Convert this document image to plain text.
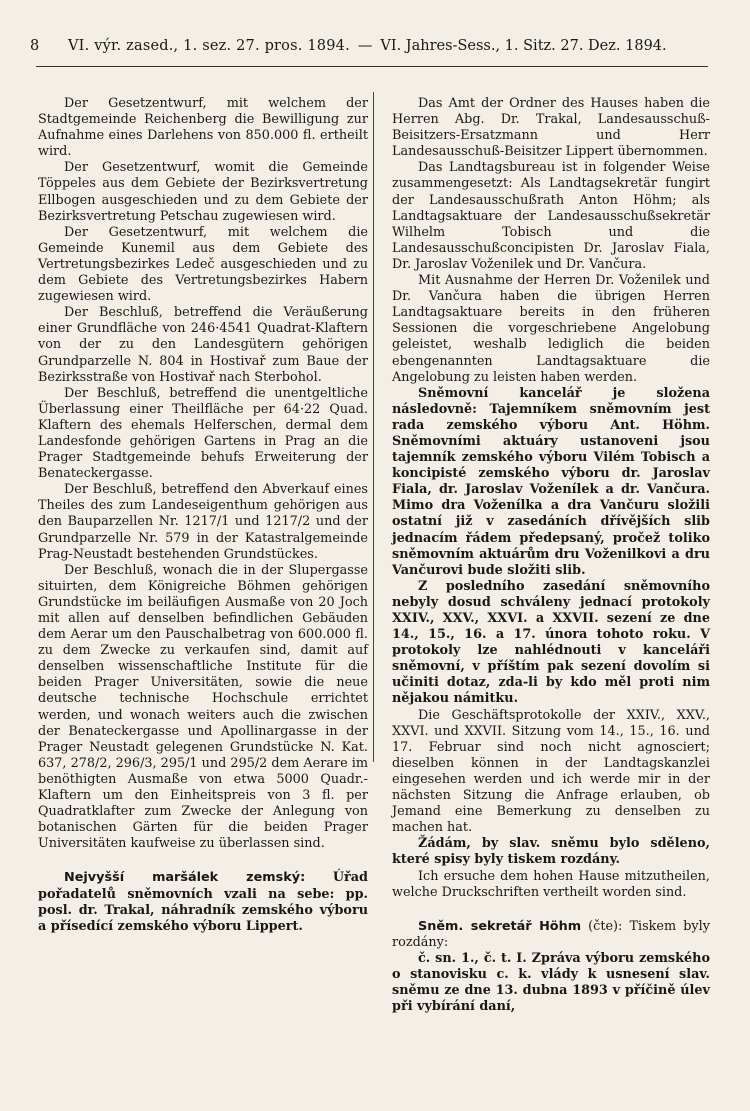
8	VI. výr. zased., 1. sez. 27. pros. 1894. — VI. Jahres-Sess., 1. Sitz. 27. Dez. 1894.

Der Gesetzentwurf, mit welchem der Stadtgemeinde Reichenberg die Bewilligung zur Aufnahme eines Darlehens von 850.000 fl. ertheilt wird.

Der Gesetzentwurf, womit die Gemeinde Töppeles aus dem Gebiete der Bezirksvertretung Ellbogen ausgeschieden und zu dem Gebiete der Bezirksvertretung Petschau zugewiesen wird.

Der Gesetzentwurf, mit welchem die Gemeinde Kunemil aus dem Gebiete des Vertretungsbezirkes Ledeč ausgeschieden und zu dem Gebiete des Vertretungsbezirkes Habern zugewiesen wird.

Der Beschluß, betreffend die Veräußerung einer Grundfläche von 246·4541 Quadrat-Klaftern von der zu den Landesgütern gehörigen Grundparzelle N. 804 in Hostivař zum Baue der Bezirksstraße von Hostivař nach Sterbohol.

Der Beschluß, betreffend die unentgeltliche Überlassung einer Theilfläche per 64·22 Quad. Klaftern des ehemals Helferschen, dermal dem Landesfonde gehörigen Gartens in Prag an die Prager Stadtgemeinde behufs Erweiterung der Benateckergasse.

Der Beschluß, betreffend den Abverkauf eines Theiles des zum Landeseigenthum gehörigen aus den Bauparzellen Nr. 1217/1 und 1217/2 und der Grundparzelle Nr. 579 in der Katastralgemeinde Prag-Neustadt bestehenden Grundstückes.

Der Beschluß, wonach die in der Slupergasse situirten, dem Königreiche Böhmen gehörigen Grundstücke im beiläufigen Ausmaße von 20 Joch mit allen auf denselben befindlichen Gebäuden dem Aerar um den Pauschalbetrag von 600.000 fl. zu dem Zwecke zu verkaufen sind, damit auf denselben wissenschaftliche Institute für die beiden Prager Universitäten, sowie die neue deutsche technische Hochschule errichtet werden, und wonach weiters auch die zwischen der Benateckergasse und Apollinargasse in der Prager Neustadt gelegenen Grundstücke N. Kat. 637, 278/2, 296/3, 295/1 und 295/2 dem Aerare im benöthigten Ausmaße von etwa 5000 Quadr.-Klaftern um den Einheitspreis von 3 fl. per Quadratklafter zum Zwecke der Anlegung von botanischen Gärten für die beiden Prager Universitäten kaufweise zu überlassen sind.

Nejvyšší maršálek zemský: Úřad pořadatelů sněmovních vzali na sebe: pp. posl. dr. Trakal, náhradník zemského výboru a přísedící zemského výboru Lippert.

Das Amt der Ordner des Hauses haben die Herren Abg. Dr. Trakal, Landesausschuß-Beisitzers-Ersatzmann und Herr Landesausschuß-Beisitzer Lippert übernommen.

Das Landtagsbureau ist in folgender Weise zusammengesetzt: Als Landtagsekretär fungirt der Landesausschußrath Anton Höhm; als Landtagsaktuare der Landesausschußsekretär Wilhelm Tobisch und die Landesausschußconcipisten Dr. Jaroslav Fiala, Dr. Jaroslav Voženilek und Dr. Vančura.

Mit Ausnahme der Herren Dr. Voženilek und Dr. Vančura haben die übrigen Herren Landtagsaktuare bereits in den früheren Sessionen die vorgeschriebene Angelobung geleistet, weshalb lediglich die beiden ebengenannten Landtagsaktuare die Angelobung zu leisten haben werden.

Sněmovní kancelář je složena následovně: Tajemníkem sněmovním jest rada zemského výboru Ant. Höhm. Sněmovními aktuáry ustanoveni jsou tajemník zemského výboru Vilém Tobisch a koncipisté zemského výboru dr. Jaroslav Fiala, dr. Jaroslav Voženílek a dr. Vančura. Mimo dra Voženílka a dra Vančuru složili ostatní již v zasedáních dřívějších slib jednacím řádem předepsaný, pročež toliko sněmovním aktuárům dru Voženilkovi a dru Vančurovi bude složiti slib.

Z posledního zasedání sněmovního nebyly dosud schváleny jednací protokoly XXIV., XXV., XXVI. a XXVII. sezení ze dne 14., 15., 16. a 17. února tohoto roku. V protokoly lze nahlédnouti v kanceláři sněmovní, v příštím pak sezení dovolím si učiniti dotaz, zda-li by kdo měl proti nim nějakou námitku.

Die Geschäftsprotokolle der XXIV., XXV., XXVI. und XXVII. Sitzung vom 14., 15., 16. und 17. Februar sind noch nicht agnosciert; dieselben können in der Landtagskanzlei eingesehen werden und ich werde mir in der nächsten Sitzung die Anfrage erlauben, ob Jemand eine Bemerkung zu denselben zu machen hat.

Žádám, by slav. sněmu bylo sděleno, které spisy byly tiskem rozdány.

Ich ersuche dem hohen Hause mitzutheilen, welche Druckschriften vertheilt worden sind.

Sněm. sekretář Höhm (čte): Tiskem byly rozdány:

č. sn. 1., č. t. I. Zpráva výboru zemského o stanovisku c. k. vlády k usnesení slav. sněmu ze dne 13. dubna 1893 v příčině úlev při vybírání daní,
